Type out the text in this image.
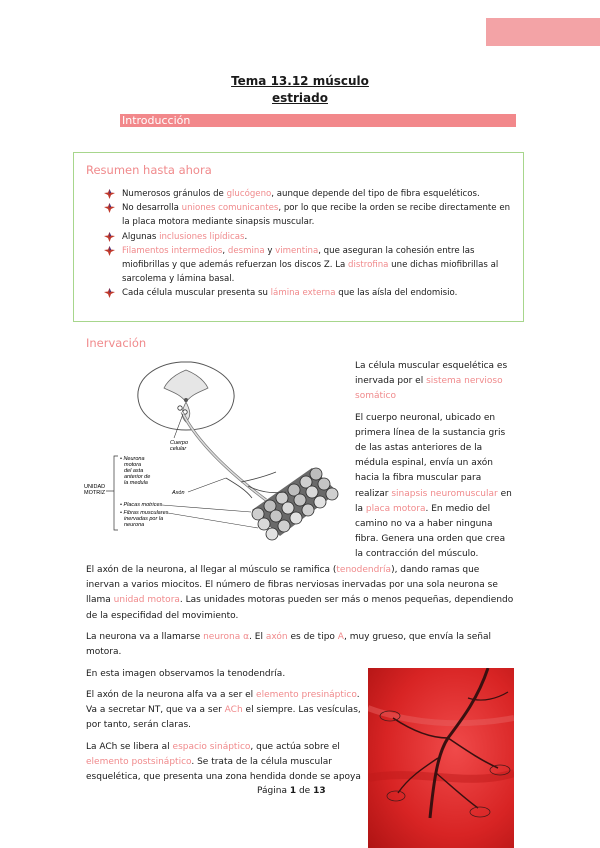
Tema 13.12 músculo
estriado
Introducción
Resumen hasta ahora
Numerosos gránulos de glucógeno, aunque depende del tipo de fibra esqueléticos.
No desarrolla uniones comunicantes, por lo que recibe la orden se recibe directamente en la placa motora mediante sinapsis muscular.
Algunas inclusiones lipídicas.
Filamentos intermedios, desmina y vimentina, que aseguran la cohesión entre las miofibrillas y que además refuerzan los discos Z. La distrofina une dichas miofibrillas al sarcolema y lámina basal.
Cada célula muscular presenta su lámina externa que las aísla del endomisio.
Inervación
Cuerpo
celular
• Neurona
motora
del asta
anterior de
la medula
UNIDAD
MOTRIZ	Axón
• Placas motrices
• Fibras musculares
inervadas por la
neurona

La célula muscular esquelética es inervada por el sistema nervioso somático

El cuerpo neuronal, ubicado en primera línea de la sustancia gris de las astas anteriores de la médula espinal, envía un axón hacia la fibra muscular para realizar sinapsis neuromuscular en la placa motora. En medio del camino no va a haber ninguna fibra. Genera una orden que crea la contracción del músculo.

El axón de la neurona, al llegar al músculo se ramifica (tenodendría), dando ramas que inervan a varios miocitos. El número de fibras nerviosas inervadas por una sola neurona se llama unidad motora. Las unidades motoras pueden ser más o menos pequeñas, dependiendo de la especifidad del movimiento.

La neurona va a llamarse neurona α. El axón es de tipo A, muy grueso, que envía la señal motora.

En esta imagen observamos la tenodendría.

El axón de la neurona alfa va a ser el elemento presináptico. Va a secretar NT, que va a ser ACh el siempre. Las vesículas, por tanto, serán claras.

La ACh se libera al espacio sináptico, que actúa sobre el elemento postsináptico. Se trata de la célula muscular esquelética, que presenta una zona hendida donde se apoya

Página 1 de 13
